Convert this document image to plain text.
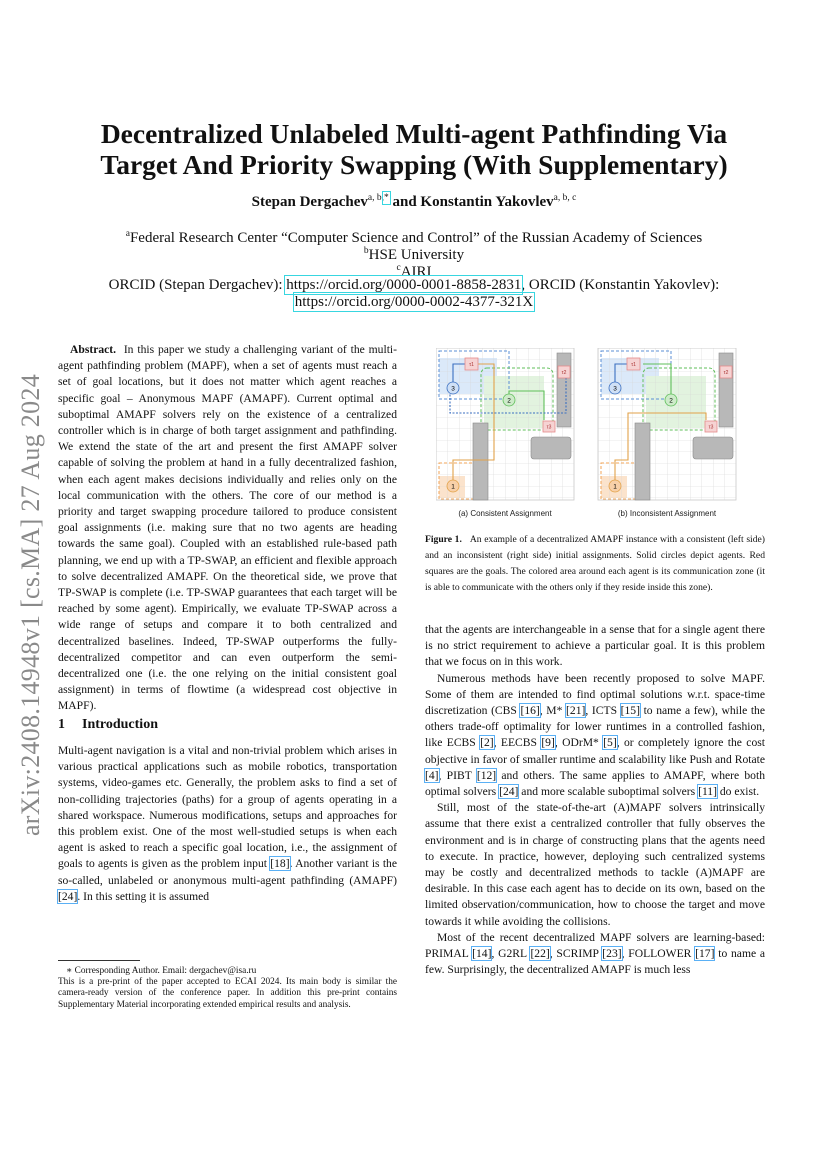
arXiv:2408.14948v1 [cs.MA] 27 Aug 2024
Decentralized Unlabeled Multi-agent Pathfinding Via
Target And Priority Swapping (With Supplementary)
Stepan Dergachev$^{a, b,*}$ and Konstantin Yakovlev$^{a, b, c}$
$^a$Federal Research Center “Computer Science and Control” of the Russian Academy of Sciences
$^b$HSE University
$^c$AIRI
ORCID (Stepan Dergachev): https://orcid.org/0000-0001-8858-2831, ORCID (Konstantin Yakovlev):
https://orcid.org/0000-0002-4377-321X

Abstract. In this paper we study a challenging variant of the multi-agent pathfinding problem (MAPF), when a set of agents must reach a set of goal locations, but it does not matter which agent reaches a specific goal – Anonymous MAPF (AMAPF). Current optimal and suboptimal AMAPF solvers rely on the existence of a centralized controller which is in charge of both target assignment and pathfinding. We extend the state of the art and present the first AMAPF solver capable of solving the problem at hand in a fully decentralized fashion, when each agent makes decisions individually and relies only on the local communication with the others. The core of our method is a priority and target swapping procedure tailored to produce consistent goal assignments (i.e. making sure that no two agents are heading towards the same goal). Coupled with an established rule-based path planning, we end up with a TP-SWAP, an efficient and flexible approach to solve decentralized AMAPF. On the theoretical side, we prove that TP-SWAP is complete (i.e. TP-SWAP guarantees that each target will be reached by some agent). Empirically, we evaluate TP-SWAP across a wide range of setups and compare it to both centralized and decentralized baselines. Indeed, TP-SWAP outperforms the fully-decentralized competitor and can even outperform the semi-decentralized one (i.e. the one relying on the initial consistent goal assignment) in terms of flowtime (a widespread cost objective in MAPF).

1 Introduction

Multi-agent navigation is a vital and non-trivial problem which arises in various practical applications such as mobile robotics, transportation systems, video-games etc. Generally, the problem asks to find a set of non-colliding trajectories (paths) for a group of agents operating in a shared workspace. Numerous modifications, setups and approaches for this problem exist. One of the most well-studied setups is when each agent is asked to reach a specific goal location, i.e., the assignment of goals to agents is given as the problem input [18]. Another variant is the so-called, unlabeled or anonymous multi-agent pathfinding (AMAPF) [24]. In this setting it is assumed

∗ Corresponding Author. Email: dergachev@isa.ru
This is a pre-print of the paper accepted to ECAI 2024. Its main body is similar the camera-ready version of the conference paper. In addition this pre-print contains Supplementary Material incorporating extended empirical results and analysis.
1
2
3
τ1
τ2
τ3
1
2
3
τ1
τ2
τ3
(a) Consistent Assignment	(b) Inconsistent Assignment
Figure 1. An example of a decentralized AMAPF instance with a consistent (left side) and an inconsistent (right side) initial assignments. Solid circles depict agents. Red squares are the goals. The colored area around each agent is its communication zone (it is able to communicate with the others only if they reside inside this zone).

that the agents are interchangeable in a sense that for a single agent there is no strict requirement to achieve a particular goal. It is this problem that we focus on in this work.

Numerous methods have been recently proposed to solve MAPF. Some of them are intended to find optimal solutions w.r.t. space-time discretization (CBS [16], M* [21], ICTS [15] to name a few), while the others trade-off optimality for lower runtimes in a controlled fashion, like ECBS [2], EECBS [9], ODrM* [5], or completely ignore the cost objective in favor of smaller runtime and scalability like Push and Rotate [4], PIBT [12] and others. The same applies to AMAPF, where both optimal solvers [24] and more scalable suboptimal solvers [11] do exist.

Still, most of the state-of-the-art (A)MAPF solvers intrinsically assume that there exist a centralized controller that fully observes the environment and is in charge of constructing plans that the agents need to execute. In practice, however, deploying such centralized systems may be costly and decentralized methods to tackle (A)MAPF are desirable. In this case each agent has to decide on its own, based on the limited observation/communication, how to choose the target and move towards it while avoiding the collisions.

Most of the recent decentralized MAPF solvers are learning-based: PRIMAL [14], G2RL [22], SCRIMP [23], FOLLOWER [17] to name a few. Surprisingly, the decentralized AMAPF is much less
